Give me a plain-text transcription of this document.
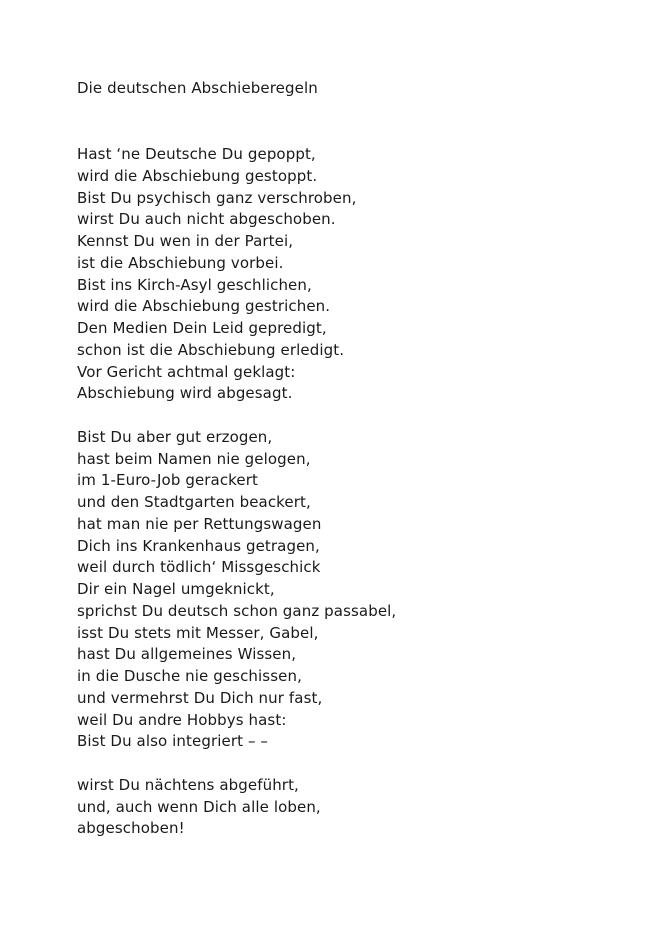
Die deutschen Abschieberegeln
Hast ‘ne Deutsche Du gepoppt,
wird die Abschiebung gestoppt.
Bist Du psychisch ganz verschroben,
wirst Du auch nicht abgeschoben.
Kennst Du wen in der Partei,
ist die Abschiebung vorbei.
Bist ins Kirch-Asyl geschlichen,
wird die Abschiebung gestrichen.
Den Medien Dein Leid gepredigt,
schon ist die Abschiebung erledigt.
Vor Gericht achtmal geklagt:
Abschiebung wird abgesagt.
Bist Du aber gut erzogen,
hast beim Namen nie gelogen,
im 1-Euro-Job gerackert
und den Stadtgarten beackert,
hat man nie per Rettungswagen
Dich ins Krankenhaus getragen,
weil durch tödlich‘ Missgeschick
Dir ein Nagel umgeknickt,
sprichst Du deutsch schon ganz passabel,
isst Du stets mit Messer, Gabel,
hast Du allgemeines Wissen,
in die Dusche nie geschissen,
und vermehrst Du Dich nur fast,
weil Du andre Hobbys hast:
Bist Du also integriert – –
wirst Du nächtens abgeführt,
und, auch wenn Dich alle loben,
abgeschoben!
